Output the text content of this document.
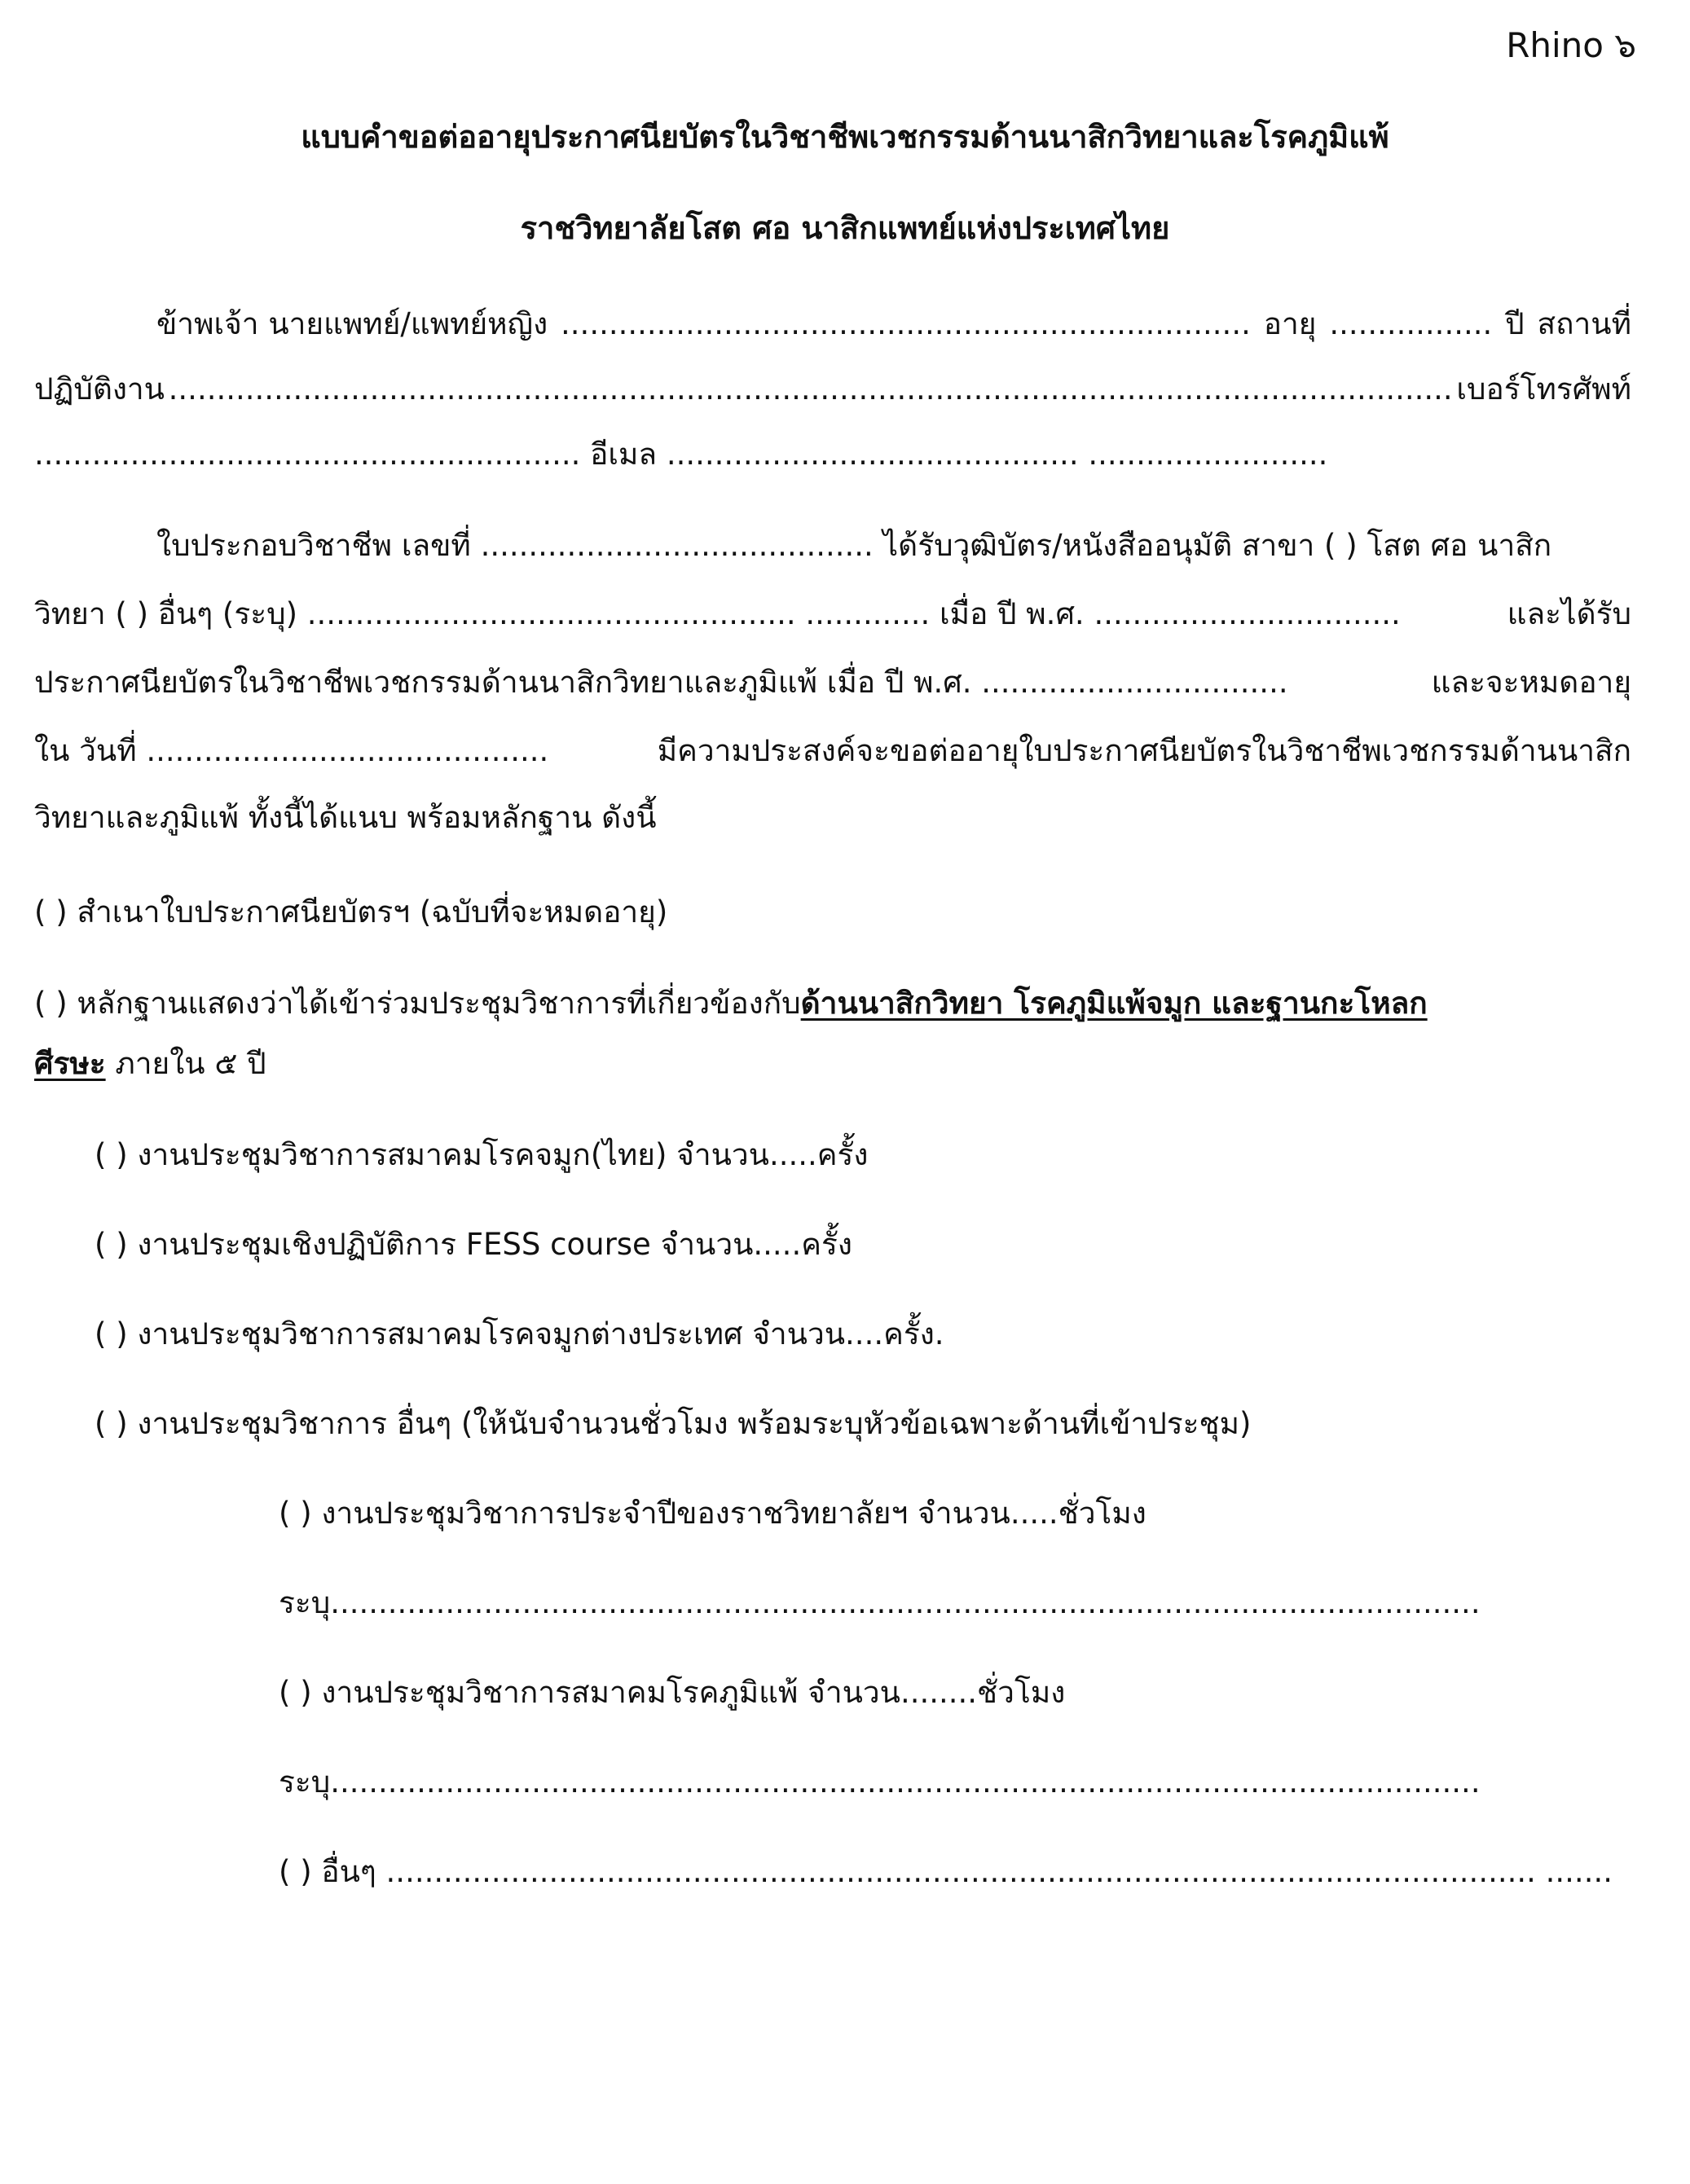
Rhino ๖
แบบคำขอต่ออายุประกาศนียบัตรในวิชาชีพเวชกรรมด้านนาสิกวิทยาและโรคภูมิแพ้
ราชวิทยาลัยโสต ศอ นาสิกแพทย์แห่งประเทศไทย
ข้าพเจ้า นายแพทย์/แพทย์หญิง ........................................................................ อายุ ................. ปี สถานที่
ปฏิบัติงาน ...................................................................................................................................... เบอร์โทรศัพท์
......................................................... อีเมล ........................................... .........................
ใบประกอบวิชาชีพ เลขที่ ......................................... ได้รับวุฒิบัตร/หนังสืออนุมัติ สาขา ( ) โสต ศอ นาสิก
วิทยา ( ) อื่นๆ (ระบุ) ................................................... ............. เมื่อ ปี พ.ศ. ................................	และได้รับ
ประกาศนียบัตรในวิชาชีพเวชกรรมด้านนาสิกวิทยาและภูมิแพ้ เมื่อ ปี พ.ศ. ................................	และจะหมดอายุ
ใน วันที่ ..........................................	มีความประสงค์จะขอต่ออายุใบประกาศนียบัตรในวิชาชีพเวชกรรมด้านนาสิก
วิทยาและภูมิแพ้ ทั้งนี้ได้แนบ พร้อมหลักฐาน ดังนี้
( ) สำเนาใบประกาศนียบัตรฯ (ฉบับที่จะหมดอายุ)
( ) หลักฐานแสดงว่าได้เข้าร่วมประชุมวิชาการที่เกี่ยวข้องกับด้านนาสิกวิทยา โรคภูมิแพ้จมูก และฐานกะโหลก
ศีรษะ ภายใน ๕ ปี
( ) งานประชุมวิชาการสมาคมโรคจมูก(ไทย) จำนวน.....ครั้ง
( ) งานประชุมเชิงปฏิบัติการ FESS course จำนวน.....ครั้ง
( ) งานประชุมวิชาการสมาคมโรคจมูกต่างประเทศ จำนวน....ครั้ง.
( ) งานประชุมวิชาการ อื่นๆ (ให้นับจำนวนชั่วโมง พร้อมระบุหัวข้อเฉพาะด้านที่เข้าประชุม)
( ) งานประชุมวิชาการประจำปีของราชวิทยาลัยฯ จำนวน.....ชั่วโมง
ระบุ........................................................................................................................
( ) งานประชุมวิชาการสมาคมโรคภูมิแพ้ จำนวน........ชั่วโมง
ระบุ........................................................................................................................
( ) อื่นๆ ........................................................................................................................ .......
